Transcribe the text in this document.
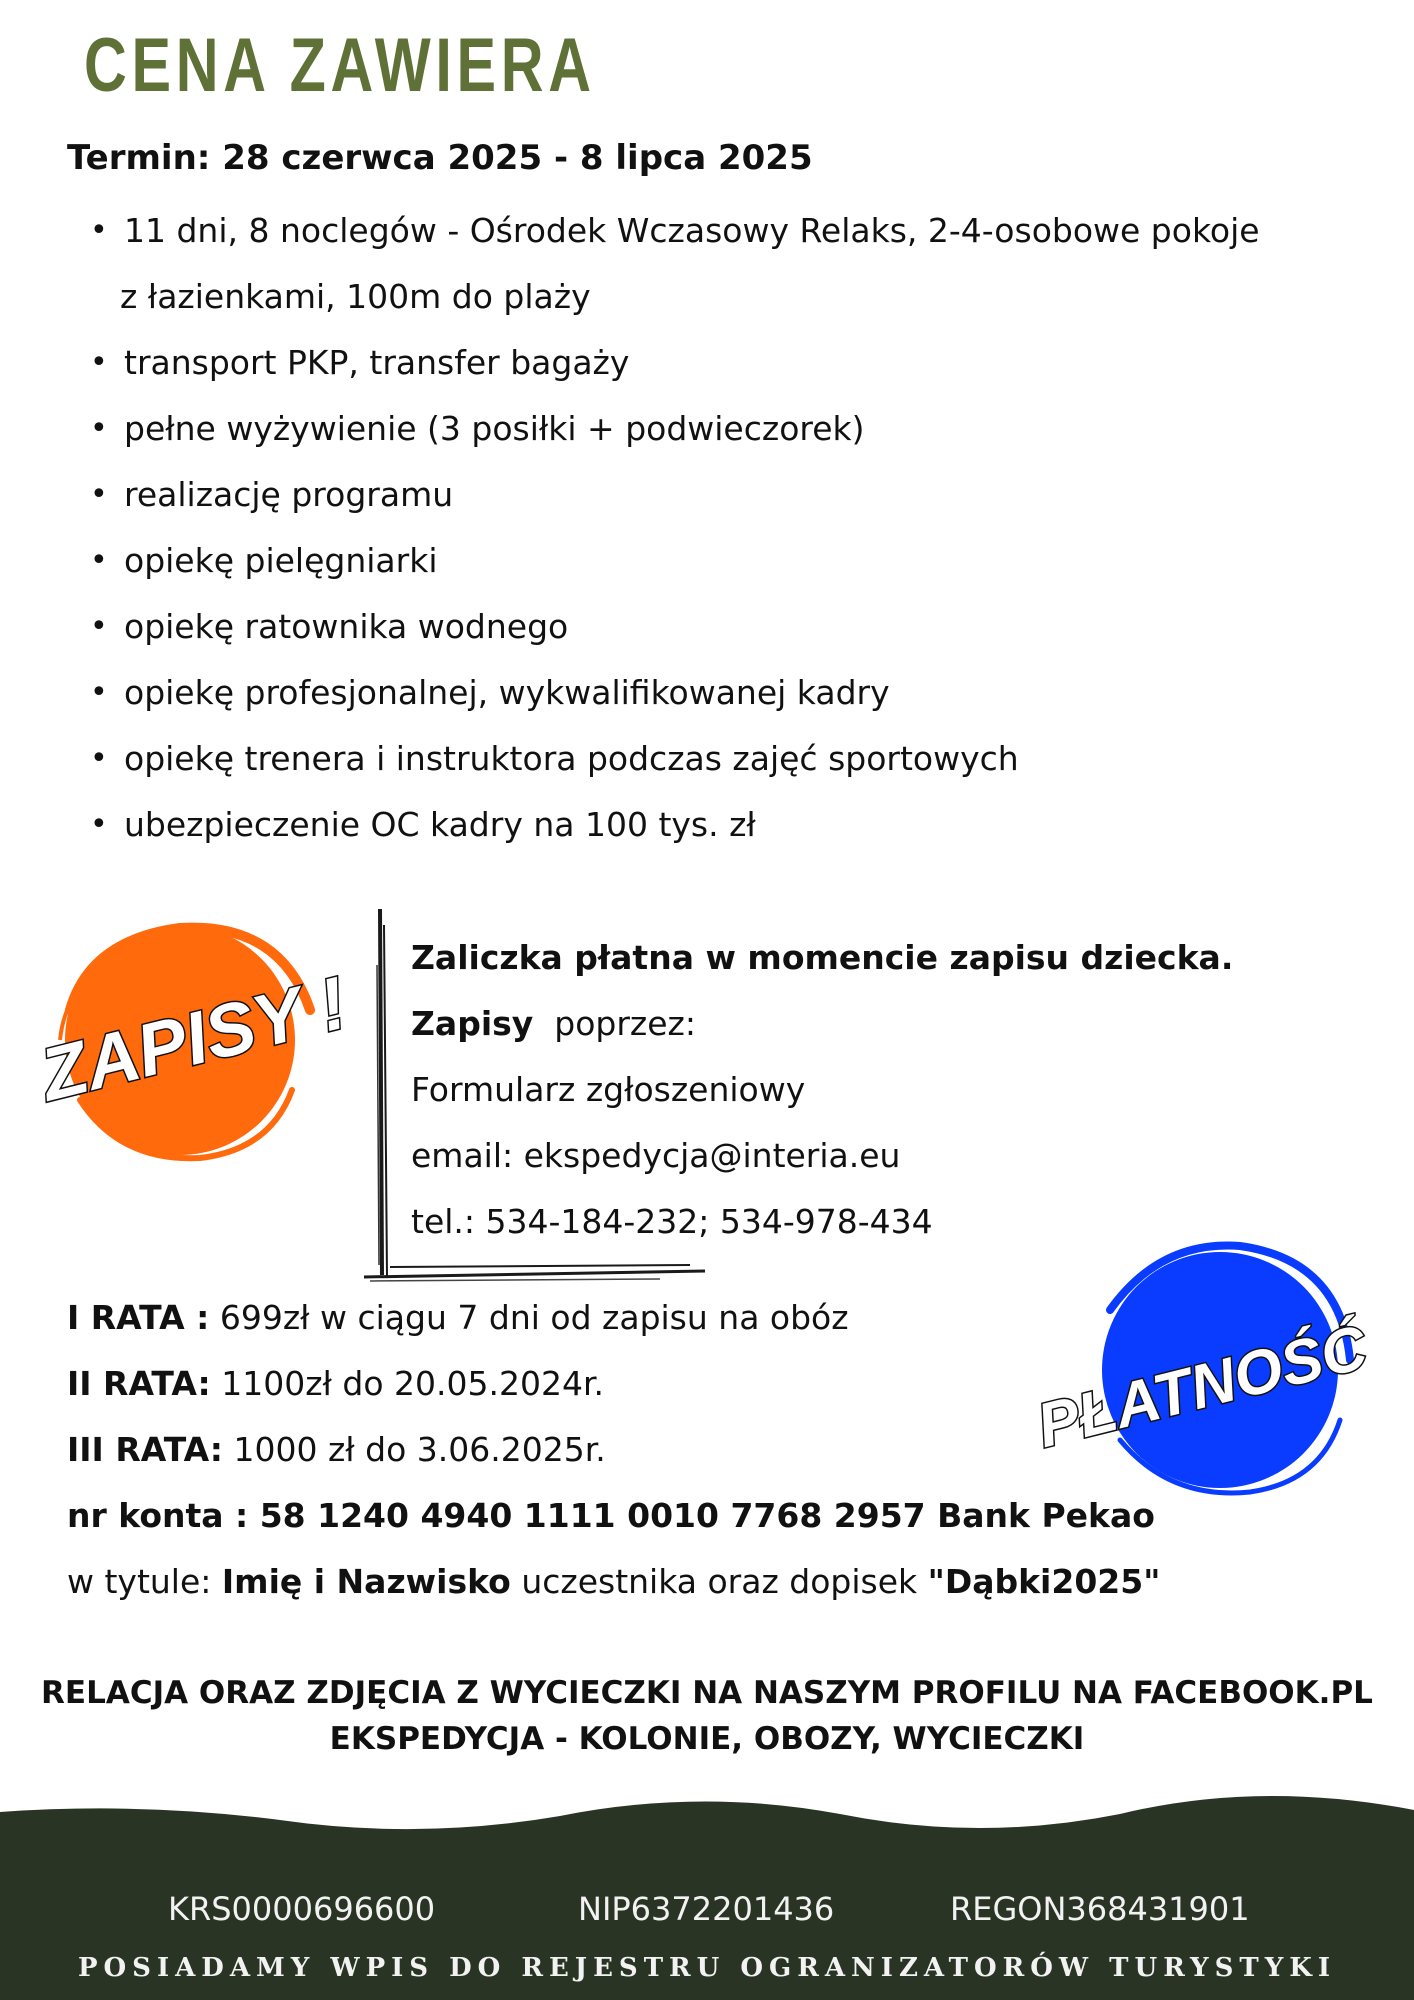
CENA ZAWIERA
Termin: 28 czerwca 2025 - 8 lipca 2025
• 11 dni, 8 noclegów - Ośrodek Wczasowy Relaks, 2-4-osobowe pokoje
z łazienkami, 100m do plaży
• transport PKP, transfer bagaży
• pełne wyżywienie (3 posiłki + podwieczorek)
• realizację programu
• opiekę pielęgniarki
• opiekę ratownika wodnego
• opiekę profesjonalnej, wykwalifikowanej kadry
• opiekę trenera i instruktora podczas zajęć sportowych
• ubezpieczenie OC kadry na 100 tys. zł
ZAPISY !
Zaliczka płatna w momencie zapisu dziecka.
Zapisy poprzez:
Formularz zgłoszeniowy
email: ekspedycja@interia.eu
tel.: 534-184-232; 534-978-434
PŁATNOŚĆ
I RATA : 699zł w ciągu 7 dni od zapisu na obóz
II RATA: 1100zł do 20.05.2024r.
III RATA: 1000 zł do 3.06.2025r.
nr konta : 58 1240 4940 1111 0010 7768 2957 Bank Pekao
w tytule: Imię i Nazwisko uczestnika oraz dopisek "Dąbki2025"
RELACJA ORAZ ZDJĘCIA Z WYCIECZKI NA NASZYM PROFILU NA FACEBOOK.PL
EKSPEDYCJA - KOLONIE, OBOZY, WYCIECZKI
KRS0000696600	NIP6372201436	REGON368431901
POSIADAMY WPIS DO REJESTRU OGRANIZATORÓW TURYSTYKI
